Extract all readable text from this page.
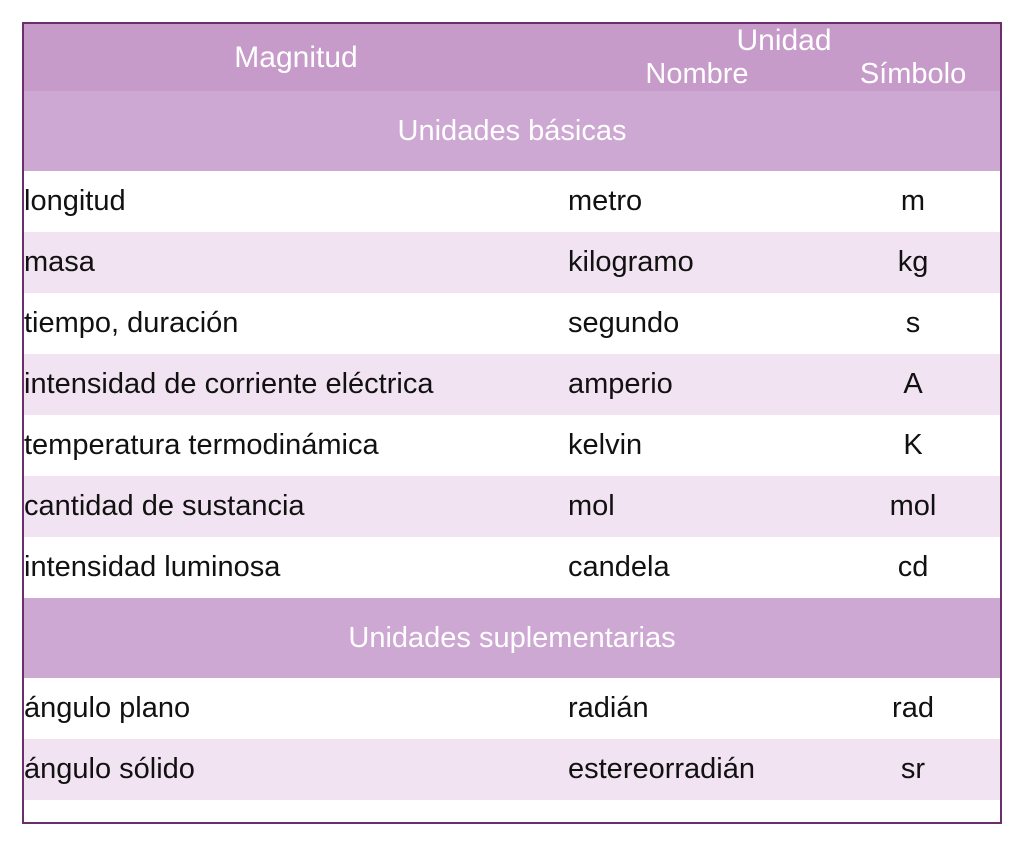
Magnitud	Unidad	
	Nombre	Símbolo
Unidades básicas		
longitud	metro	m
masa	kilogramo	kg
tiempo, duración	segundo	s
intensidad de corriente eléctrica	amperio	A
temperatura termodinámica	kelvin	K
cantidad de sustancia	mol	mol
intensidad luminosa	candela	cd
Unidades suplementarias		
ángulo plano	radián	rad
ángulo sólido	estereorradián	sr
